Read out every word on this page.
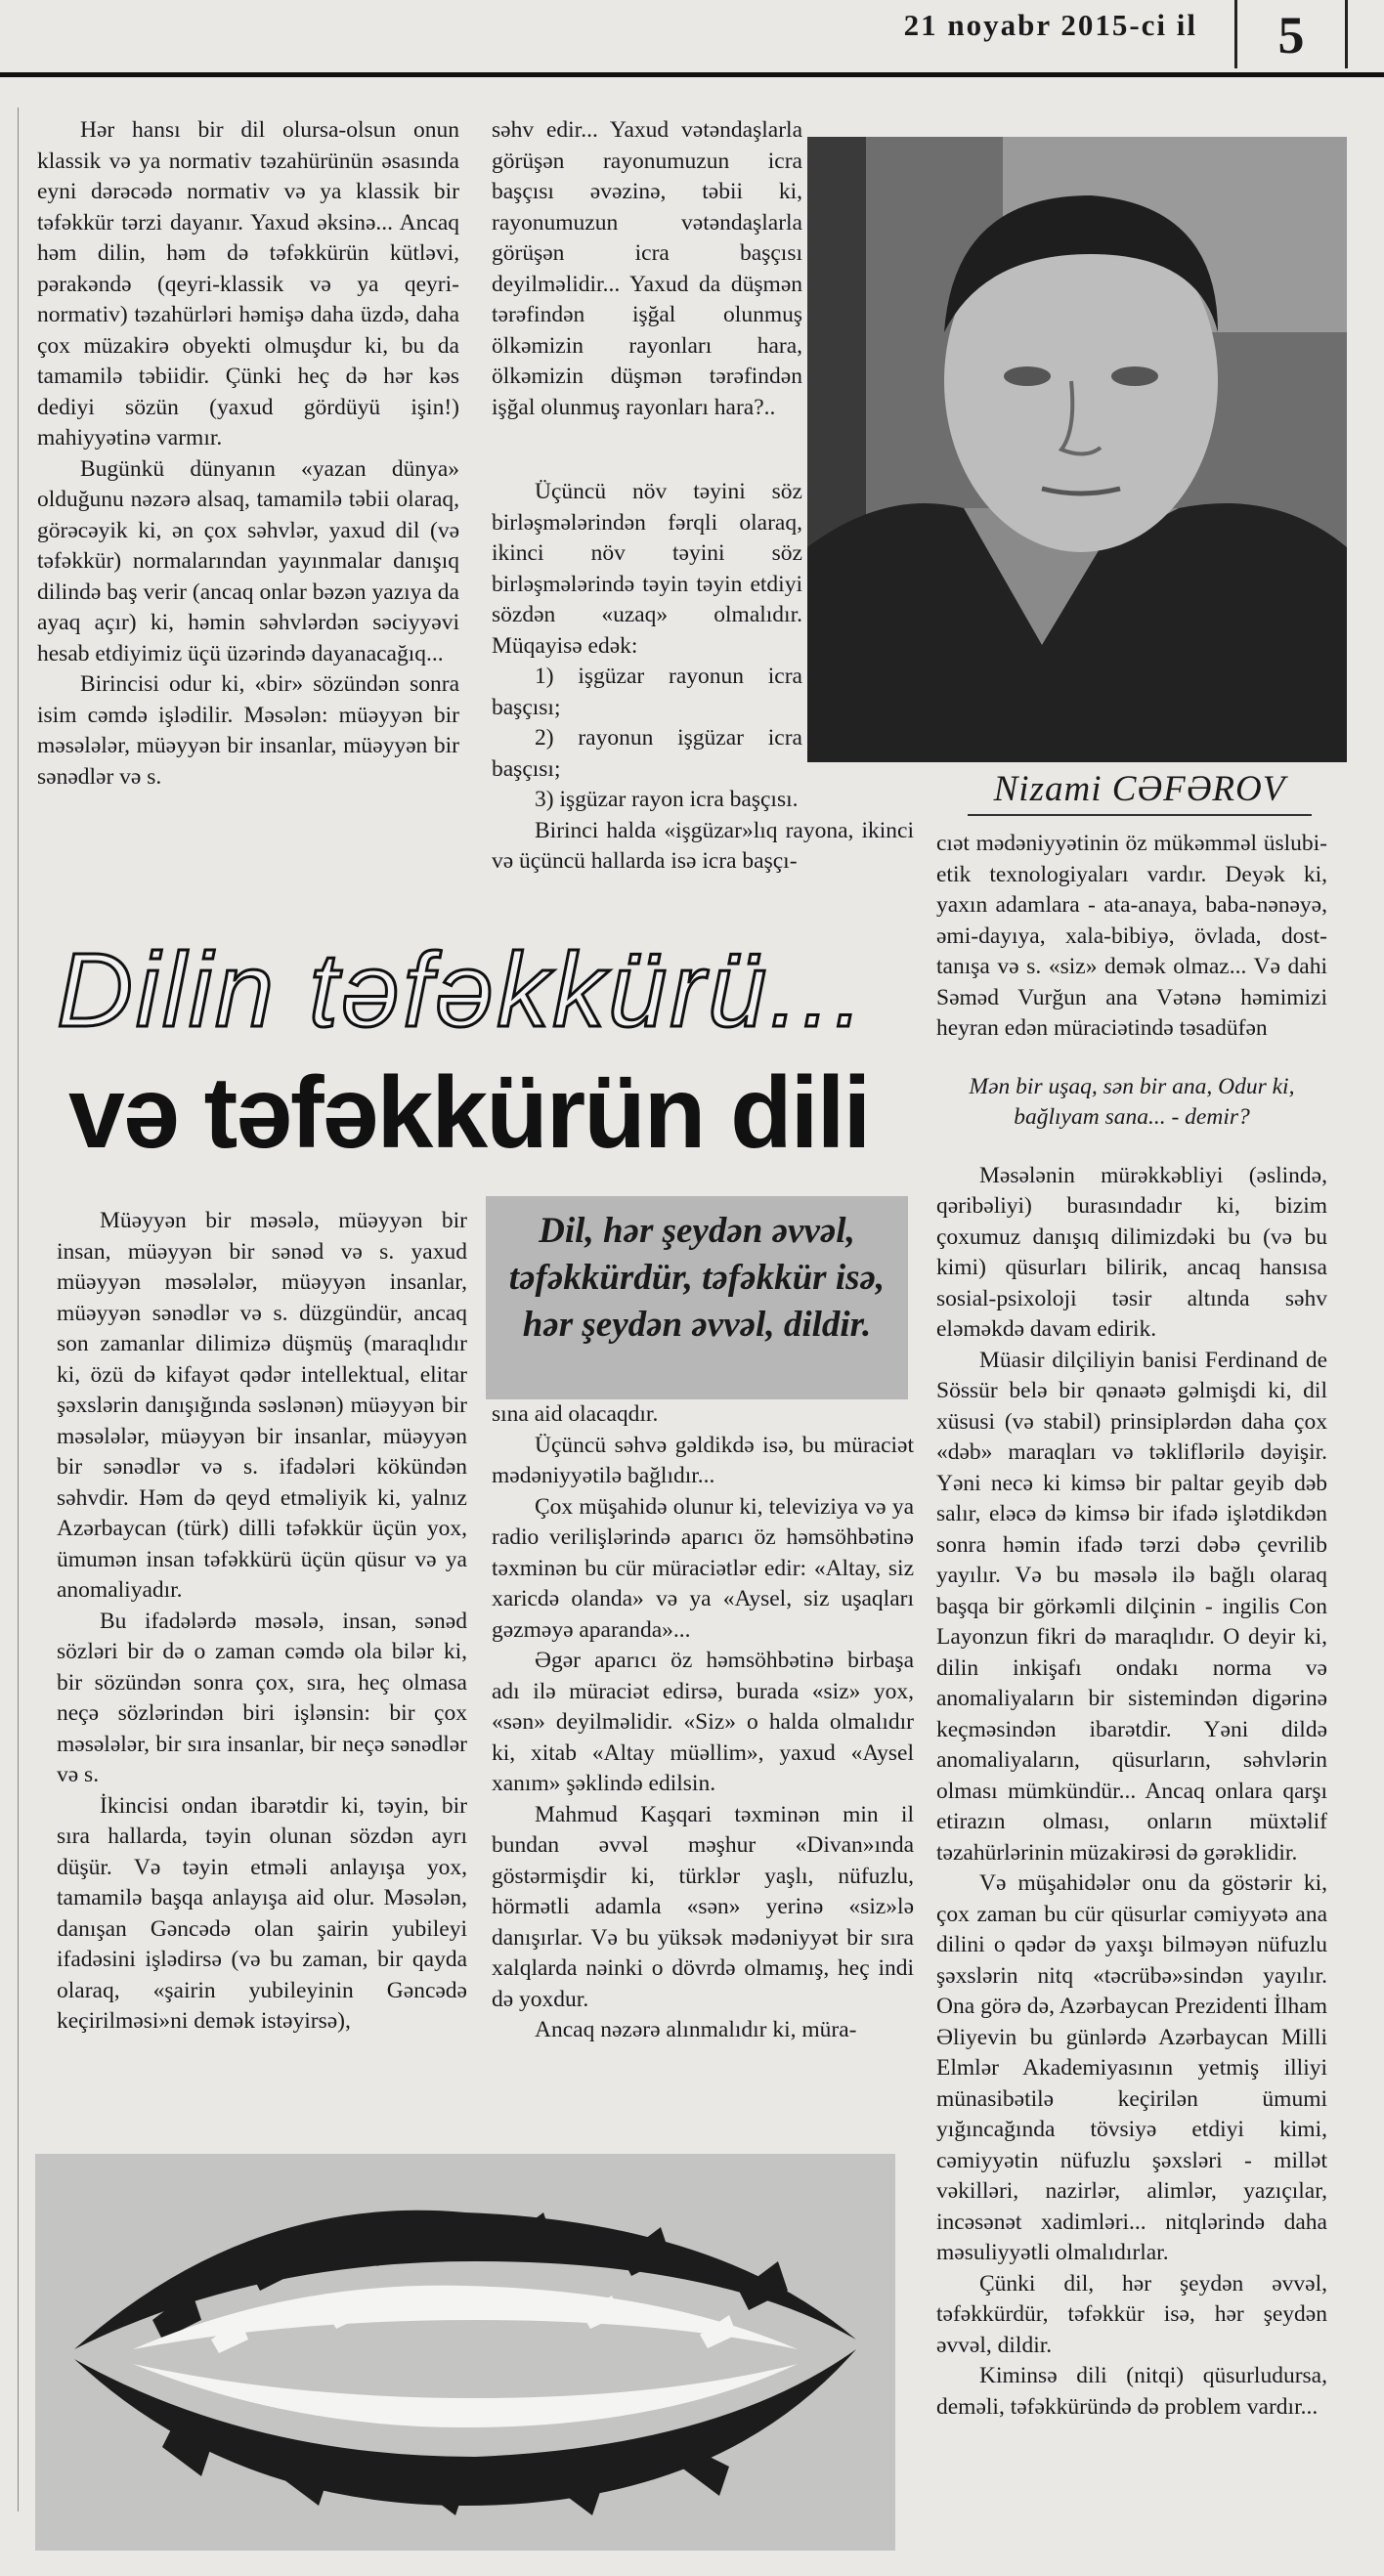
21 noyabr 2015-ci il	5

Hər hansı bir dil olursa-olsun onun klassik və ya normativ təzahürünün əsasında eyni dərəcədə normativ və ya klassik bir təfəkkür tərzi dayanır. Yaxud əksinə... Ancaq həm dilin, həm də təfəkkürün kütləvi, pərakəndə (qeyri-klassik və ya qeyri-normativ) təzahürləri həmişə daha üzdə, daha çox müzakirə obyekti olmuşdur ki, bu da tamamilə təbiidir. Çünki heç də hər kəs dediyi sözün (yaxud gördüyü işin!) mahiyyətinə varmır.

Bugünkü dünyanın «yazan dünya» olduğunu nəzərə alsaq, tamamilə təbii olaraq, görəcəyik ki, ən çox səhvlər, yaxud dil (və təfəkkür) normalarından yayınmalar danışıq dilində baş verir (ancaq onlar bəzən yazıya da ayaq açır) ki, həmin səhvlərdən səciyyəvi hesab etdiyimiz üçü üzərində dayanacağıq...

Birincisi odur ki, «bir» sözündən sonra isim cəmdə işlədilir. Məsələn: müəyyən bir məsələlər, müəyyən bir insanlar, müəyyən bir sənədlər və s.

səhv edir... Yaxud vətəndaşlarla görüşən rayonumuzun icra başçısı əvəzinə, təbii ki, rayonumuzun vətəndaşlarla görüşən icra başçısı deyilməlidir... Yaxud da düşmən tərəfindən işğal olunmuş ölkəmizin rayonları hara, ölkəmizin düşmən tərəfindən işğal olunmuş rayonları hara?..

Üçüncü növ təyini söz birləşmələrindən fərqli olaraq, ikinci növ təyini söz birləşmələrində təyin təyin etdiyi sözdən «uzaq» olmalıdır. Müqayisə edək:

1) işgüzar rayonun icra başçısı;

2) rayonun işgüzar icra başçısı;

3) işgüzar rayon icra başçısı.

Birinci halda «işgüzar»lıq rayona, ikinci və üçüncü hallarda isə icra başçı-

Nizami CƏFƏROV

cıət mədəniyyətinin öz mükəmməl üslubi-etik texnologiyaları vardır. Deyək ki, yaxın adamlara - ata-anaya, baba-nənəyə, əmi-dayıya, xala-bibiyə, övlada, dost-tanışa və s. «siz» demək olmaz... Və dahi Səməd Vurğun ana Vətənə həmimizi heyran edən müraciətində təsadüfən

Mən bir uşaq, sən bir ana, Odur ki, bağlıyam sana... - demir?

Məsələnin mürəkkəbliyi (əslində, qəribəliyi) burasındadır ki, bizim çoxumuz danışıq dilimizdəki bu (və bu kimi) qüsurları bilirik, ancaq hansısa sosial-psixoloji təsir altında səhv eləməkdə davam edirik.

Müasir dilçiliyin banisi Ferdinand de Sössür belə bir qənaətə gəlmişdi ki, dil xüsusi (və stabil) prinsiplərdən daha çox «dəb» maraqları və təkliflərilə dəyişir. Yəni necə ki kimsə bir paltar geyib dəb salır, eləcə də kimsə bir ifadə işlətdikdən sonra həmin ifadə tərzi dəbə çevrilib yayılır. Və bu məsələ ilə bağlı olaraq başqa bir görkəmli dilçinin - ingilis Con Layonzun fikri də maraqlıdır. O deyir ki, dilin inkişafı ondakı norma və anomaliyaların bir sistemindən digərinə keçməsindən ibarətdir. Yəni dildə anomaliyaların, qüsurların, səhvlərin olması mümkündür... Ancaq onlara qarşı etirazın olması, onların müxtəlif təzahürlərinin müzakirəsi də gərəklidir.

Və müşahidələr onu da göstərir ki, çox zaman bu cür qüsurlar cəmiyyətə ana dilini o qədər də yaxşı bilməyən nüfuzlu şəxslərin nitq «təcrübə»sindən yayılır. Ona görə də, Azərbaycan Prezidenti İlham Əliyevin bu günlərdə Azərbaycan Milli Elmlər Akademiyasının yetmiş illiyi münasibətilə keçirilən ümumi yığıncağında tövsiyə etdiyi kimi, cəmiyyətin nüfuzlu şəxsləri - millət vəkilləri, nazirlər, alimlər, yazıçılar, incəsənət xadimləri... nitqlərində daha məsuliyyətli olmalıdırlar.

Çünki dil, hər şeydən əvvəl, təfəkkürdür, təfəkkür isə, hər şeydən əvvəl, dildir.

Kiminsə dili (nitqi) qüsurludursa, deməli, təfəkküründə də problem vardır...

Dilin təfəkkürü...
və təfəkkürün dili
Dil, hər şeydən əvvəl, təfəkkürdür, təfəkkür isə, hər şeydən əvvəl, dildir.

Müəyyən bir məsələ, müəyyən bir insan, müəyyən bir sənəd və s. yaxud müəyyən məsələlər, müəyyən insanlar, müəyyən sənədlər və s. düzgündür, ancaq son zamanlar dilimizə düşmüş (maraqlıdır ki, özü də kifayət qədər intellektual, elitar şəxslərin danışığında səslənən) müəyyən bir məsələlər, müəyyən bir insanlar, müəyyən bir sənədlər və s. ifadələri kökündən səhvdir. Həm də qeyd etməliyik ki, yalnız Azərbaycan (türk) dilli təfəkkür üçün yox, ümumən insan təfəkkürü üçün qüsur və ya anomaliyadır.

Bu ifadələrdə məsələ, insan, sənəd sözləri bir də o zaman cəmdə ola bilər ki, bir sözündən sonra çox, sıra, heç olmasa neçə sözlərindən biri işlənsin: bir çox məsələlər, bir sıra insanlar, bir neçə sənədlər və s.

İkincisi ondan ibarətdir ki, təyin, bir sıra hallarda, təyin olunan sözdən ayrı düşür. Və təyin etməli anlayışa yox, tamamilə başqa anlayışa aid olur. Məsələn, danışan Gəncədə olan şairin yubileyi ifadəsini işlədirsə (və bu zaman, bir qayda olaraq, «şairin yubileyinin Gəncədə keçirilməsi»ni demək istəyirsə),

sına aid olacaqdır.

Üçüncü səhvə gəldikdə isə, bu müraciət mədəniyyətilə bağlıdır...

Çox müşahidə olunur ki, televiziya və ya radio verilişlərində aparıcı öz həmsöhbətinə təxminən bu cür müraciətlər edir: «Altay, siz xaricdə olanda» və ya «Aysel, siz uşaqları gəzməyə aparanda»...

Əgər aparıcı öz həmsöhbətinə birbaşa adı ilə müraciət edirsə, burada «siz» yox, «sən» deyilməlidir. «Siz» o halda olmalıdır ki, xitab «Altay müəllim», yaxud «Aysel xanım» şəklində edilsin.

Mahmud Kaşqari təxminən min il bundan əvvəl məşhur «Divan»ında göstərmişdir ki, türklər yaşlı, nüfuzlu, hörmətli adamla «sən» yerinə «siz»lə danışırlar. Və bu yüksək mədəniyyət bir sıra xalqlarda nəinki o dövrdə olmamış, heç indi də yoxdur.

Ancaq nəzərə alınmalıdır ki, müra-
